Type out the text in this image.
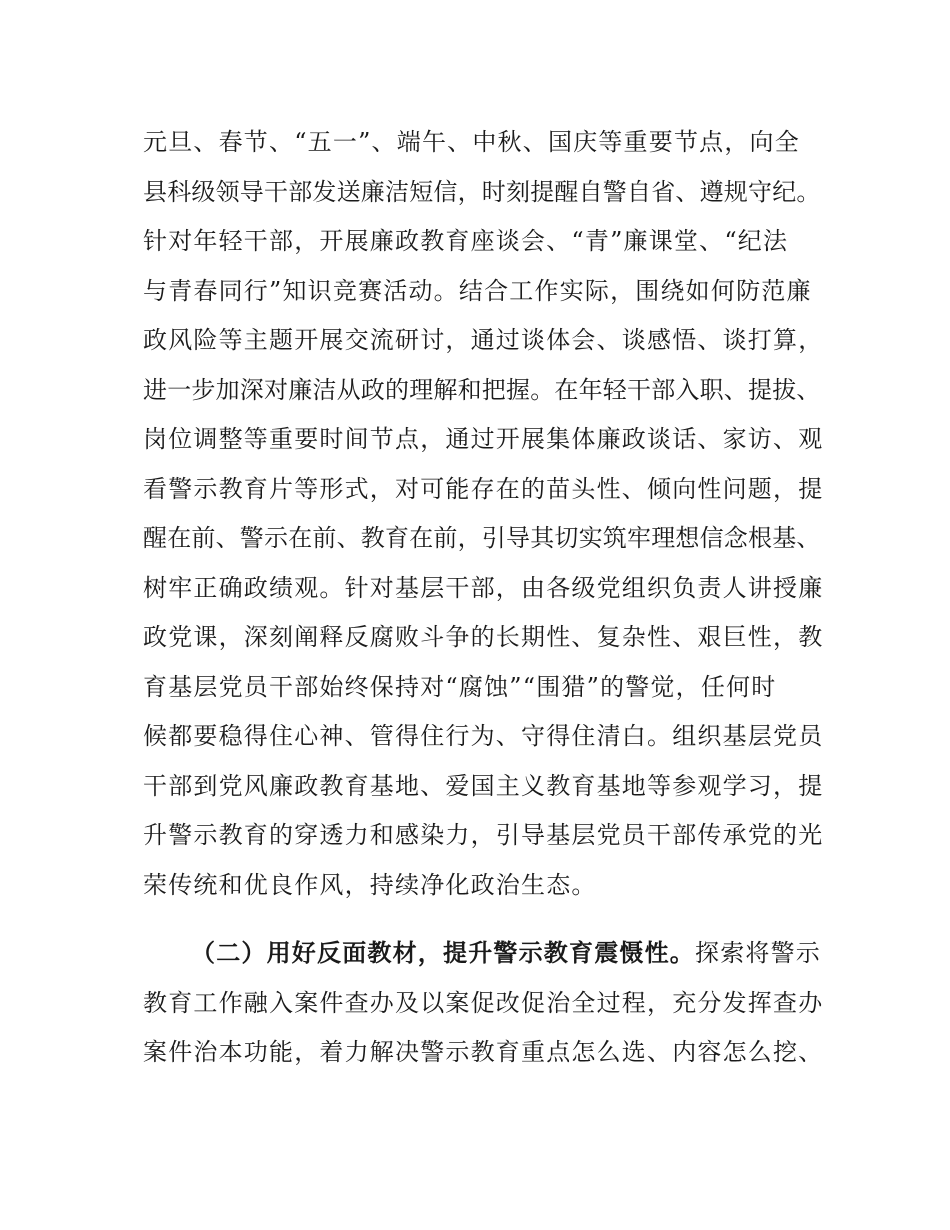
元旦、春节、“五一”、端午、中秋、国庆等重要节点，向全
县科级领导干部发送廉洁短信，时刻提醒自警自省、遵规守纪。
针对年轻干部，开展廉政教育座谈会、“青”廉课堂、“纪法
与青春同行”知识竞赛活动。结合工作实际，围绕如何防范廉
政风险等主题开展交流研讨，通过谈体会、谈感悟、谈打算，
进一步加深对廉洁从政的理解和把握。在年轻干部入职、提拔、
岗位调整等重要时间节点，通过开展集体廉政谈话、家访、观
看警示教育片等形式，对可能存在的苗头性、倾向性问题，提
醒在前、警示在前、教育在前，引导其切实筑牢理想信念根基、
树牢正确政绩观。针对基层干部，由各级党组织负责人讲授廉
政党课，深刻阐释反腐败斗争的长期性、复杂性、艰巨性，教
育基层党员干部始终保持对“腐蚀”“围猎”的警觉，任何时
候都要稳得住心神、管得住行为、守得住清白。组织基层党员
干部到党风廉政教育基地、爱国主义教育基地等参观学习，提
升警示教育的穿透力和感染力，引导基层党员干部传承党的光
荣传统和优良作风，持续净化政治生态。
（二）用好反面教材，提升警示教育震慑性。探索将警示
教育工作融入案件查办及以案促改促治全过程，充分发挥查办
案件治本功能，着力解决警示教育重点怎么选、内容怎么挖、
